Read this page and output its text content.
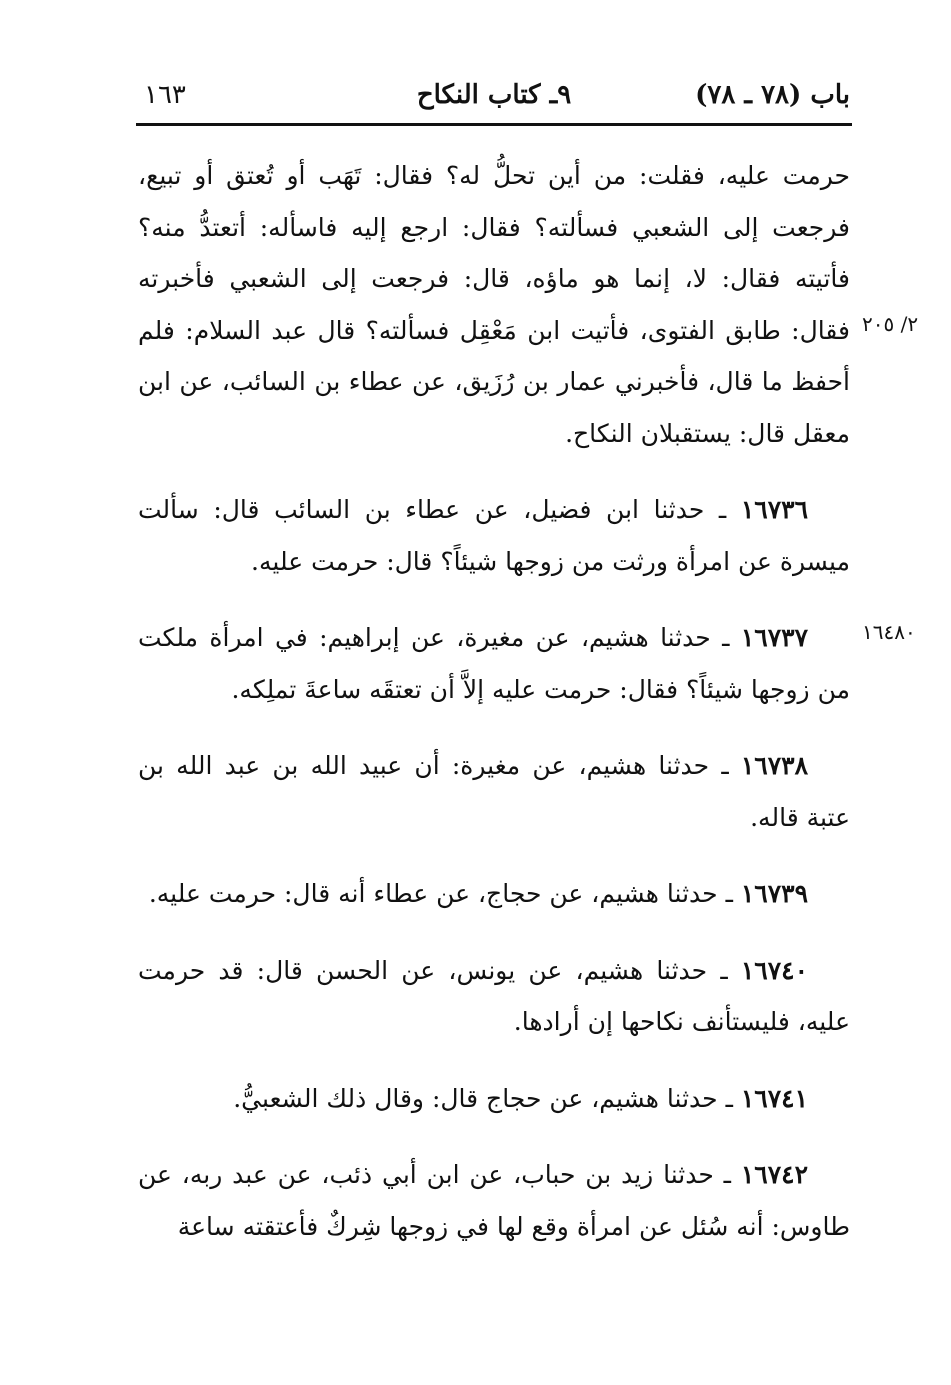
باب (٧٨ ـ ٧٨)
٩ـ كتاب النكاح
١٦٣
٢/ ٢٠٥
١٦٤٨٠

حرمت عليه، فقلت: من أين تحلُّ له؟ فقال: تَهَب أو تُعتق أو تبيع، فرجعت إلى الشعبي فسألته؟ فقال: ارجع إليه فاسأله: أتعتدُّ منه؟ فأتيته فقال: لا، إنما هو ماؤه، قال: فرجعت إلى الشعبي فأخبرته فقال: طابق الفتوى، فأتيت ابن مَعْقِل فسألته؟ قال عبد السلام: فلم أحفظ ما قال، فأخبرني عمار بن رُزَيق، عن عطاء بن السائب، عن ابن معقل قال: يستقبلان النكاح.

١٦٧٣٦ ـ حدثنا ابن فضيل، عن عطاء بن السائب قال: سألت ميسرة عن امرأة ورثت من زوجها شيئاً؟ قال: حرمت عليه.

١٦٧٣٧ ـ حدثنا هشيم، عن مغيرة، عن إبراهيم: في امرأة ملكت من زوجها شيئاً؟ فقال: حرمت عليه إلاَّ أن تعتقَه ساعةَ تملِكه.

١٦٧٣٨ ـ حدثنا هشيم، عن مغيرة: أن عبيد الله بن عبد الله بن عتبة قاله.

١٦٧٣٩ ـ حدثنا هشيم، عن حجاج، عن عطاء أنه قال: حرمت عليه.

١٦٧٤٠ ـ حدثنا هشيم، عن يونس، عن الحسن قال: قد حرمت عليه، فليستأنف نكاحها إن أرادها.

١٦٧٤١ ـ حدثنا هشيم، عن حجاج قال: وقال ذلك الشعبيُّ.

١٦٧٤٢ ـ حدثنا زيد بن حباب، عن ابن أبي ذئب، عن عبد ربه، عن طاوس: أنه سُئل عن امرأة وقع لها في زوجها شِركٌ فأعتقته ساعة
